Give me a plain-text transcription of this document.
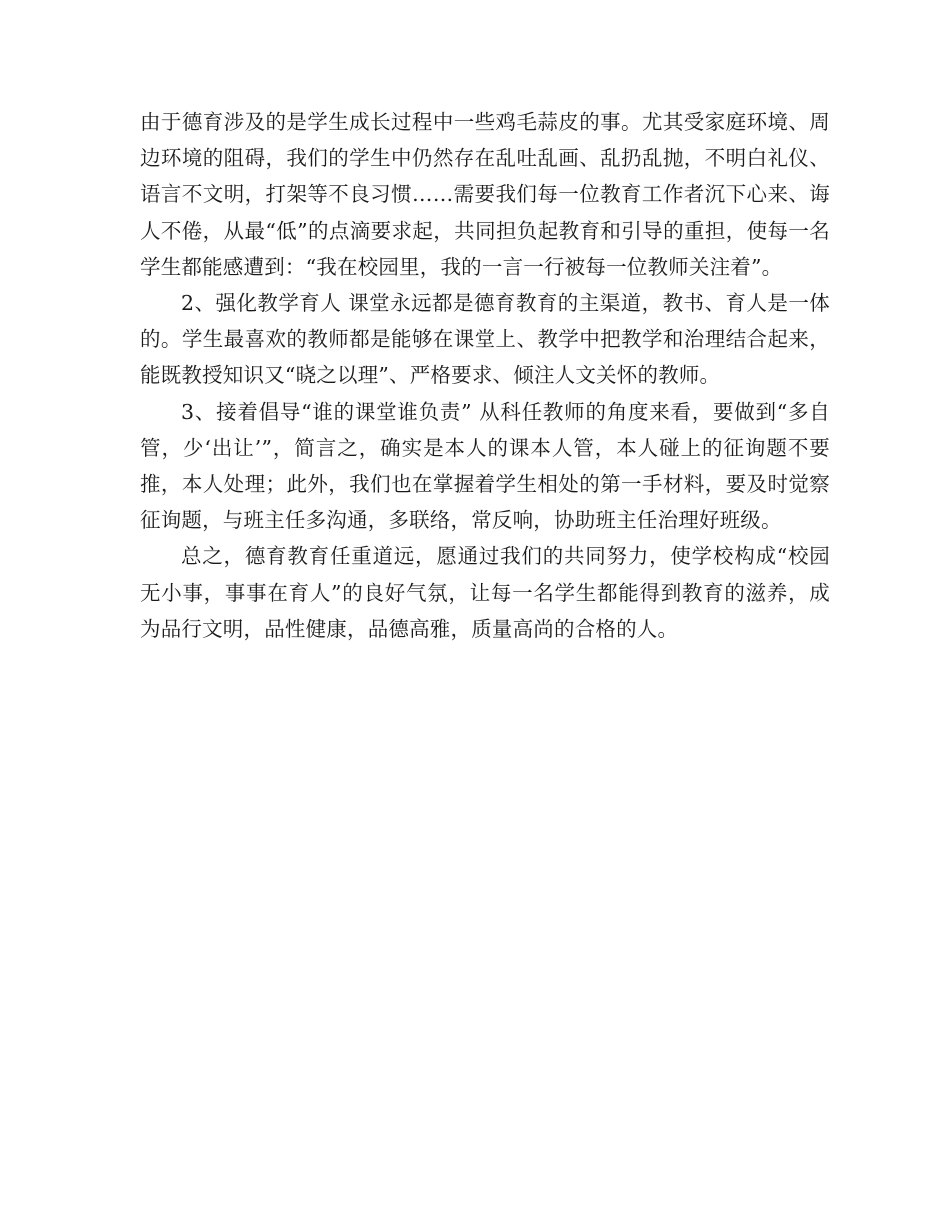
由于德育涉及的是学生成长过程中一些鸡毛蒜皮的事。尤其受家庭环境、周边环境的阻碍，我们的学生中仍然存在乱吐乱画、乱扔乱抛，不明白礼仪、语言不文明，打架等不良习惯……需要我们每一位教育工作者沉下心来、诲人不倦，从最“低”的点滴要求起，共同担负起教育和引导的重担，使每一名学生都能感遭到：“我在校园里，我的一言一行被每一位教师关注着”。

2、强化教学育人 课堂永远都是德育教育的主渠道，教书、育人是一体的。学生最喜欢的教师都是能够在课堂上、教学中把教学和治理结合起来，能既教授知识又“晓之以理”、严格要求、倾注人文关怀的教师。

3、接着倡导“谁的课堂谁负责” 从科任教师的角度来看，要做到“多自管，少‘出让’”，简言之，确实是本人的课本人管，本人碰上的征询题不要推，本人处理；此外，我们也在掌握着学生相处的第一手材料，要及时觉察征询题，与班主任多沟通，多联络，常反响，协助班主任治理好班级。

总之，德育教育任重道远，愿通过我们的共同努力，使学校构成“校园无小事，事事在育人”的良好气氛，让每一名学生都能得到教育的滋养，成为品行文明，品性健康，品德高雅，质量高尚的合格的人。
